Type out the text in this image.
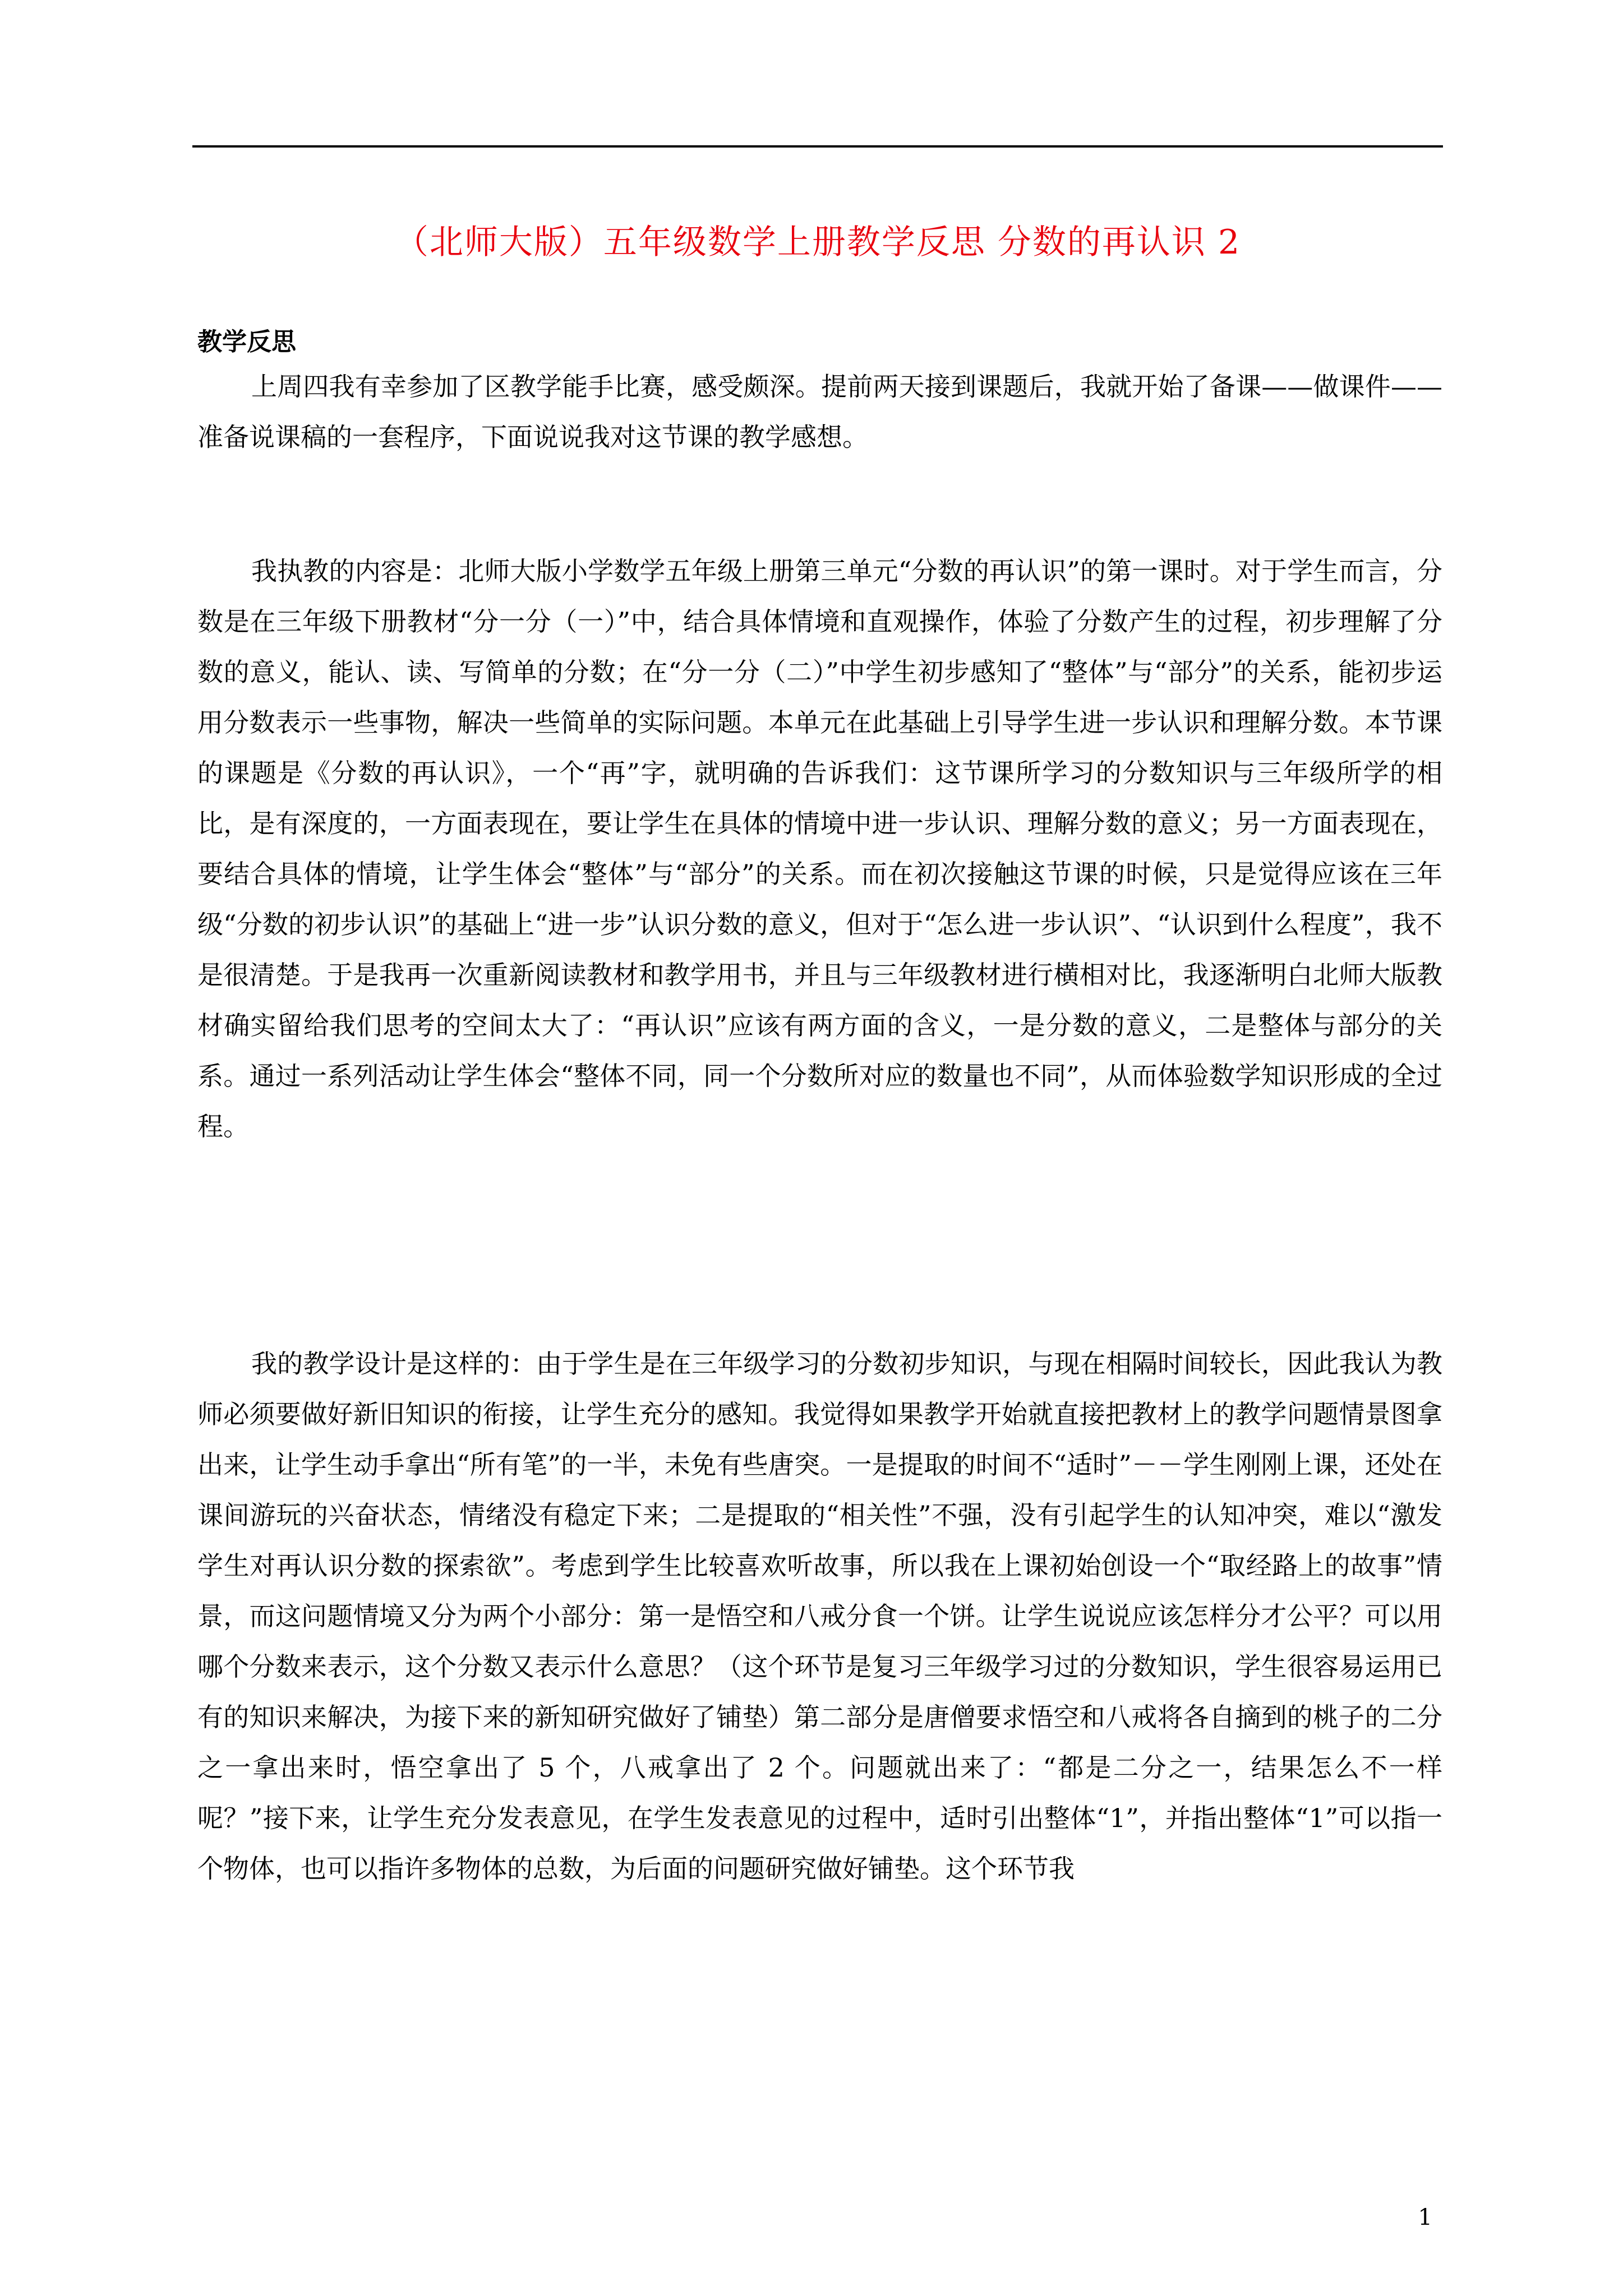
（北师大版）五年级数学上册教学反思 分数的再认识 2
教学反思

上周四我有幸参加了区教学能手比赛，感受颇深。提前两天接到课题后，我就开始了备课——做课件——准备说课稿的一套程序，下面说说我对这节课的教学感想。

我执教的内容是：北师大版小学数学五年级上册第三单元“分数的再认识”的第一课时。对于学生而言，分数是在三年级下册教材“分一分（一）”中，结合具体情境和直观操作，体验了分数产生的过程，初步理解了分数的意义，能认、读、写简单的分数；在“分一分（二）”中学生初步感知了“整体”与“部分”的关系，能初步运用分数表示一些事物，解决一些简单的实际问题。本单元在此基础上引导学生进一步认识和理解分数。本节课的课题是《分数的再认识》，一个“再”字，就明确的告诉我们：这节课所学习的分数知识与三年级所学的相比，是有深度的，一方面表现在，要让学生在具体的情境中进一步认识、理解分数的意义；另一方面表现在，要结合具体的情境，让学生体会“整体”与“部分”的关系。而在初次接触这节课的时候，只是觉得应该在三年级“分数的初步认识”的基础上“进一步”认识分数的意义，但对于“怎么进一步认识”、“认识到什么程度”，我不是很清楚。于是我再一次重新阅读教材和教学用书，并且与三年级教材进行横相对比，我逐渐明白北师大版教材确实留给我们思考的空间太大了：“再认识”应该有两方面的含义，一是分数的意义，二是整体与部分的关系。通过一系列活动让学生体会“整体不同，同一个分数所对应的数量也不同”，从而体验数学知识形成的全过程。

我的教学设计是这样的：由于学生是在三年级学习的分数初步知识，与现在相隔时间较长，因此我认为教师必须要做好新旧知识的衔接，让学生充分的感知。我觉得如果教学开始就直接把教材上的教学问题情景图拿出来，让学生动手拿出“所有笔”的一半，未免有些唐突。一是提取的时间不“适时”－－学生刚刚上课，还处在课间游玩的兴奋状态，情绪没有稳定下来；二是提取的“相关性”不强，没有引起学生的认知冲突，难以“激发学生对再认识分数的探索欲”。考虑到学生比较喜欢听故事，所以我在上课初始创设一个“取经路上的故事”情景，而这问题情境又分为两个小部分：第一是悟空和八戒分食一个饼。让学生说说应该怎样分才公平？可以用哪个分数来表示，这个分数又表示什么意思？（这个环节是复习三年级学习过的分数知识，学生很容易运用已有的知识来解决，为接下来的新知研究做好了铺垫）第二部分是唐僧要求悟空和八戒将各自摘到的桃子的二分之一拿出来时，悟空拿出了 5 个，八戒拿出了 2 个。问题就出来了：“都是二分之一，结果怎么不一样呢？”接下来，让学生充分发表意见，在学生发表意见的过程中，适时引出整体“1”，并指出整体“1”可以指一个物体，也可以指许多物体的总数，为后面的问题研究做好铺垫。这个环节我

1
